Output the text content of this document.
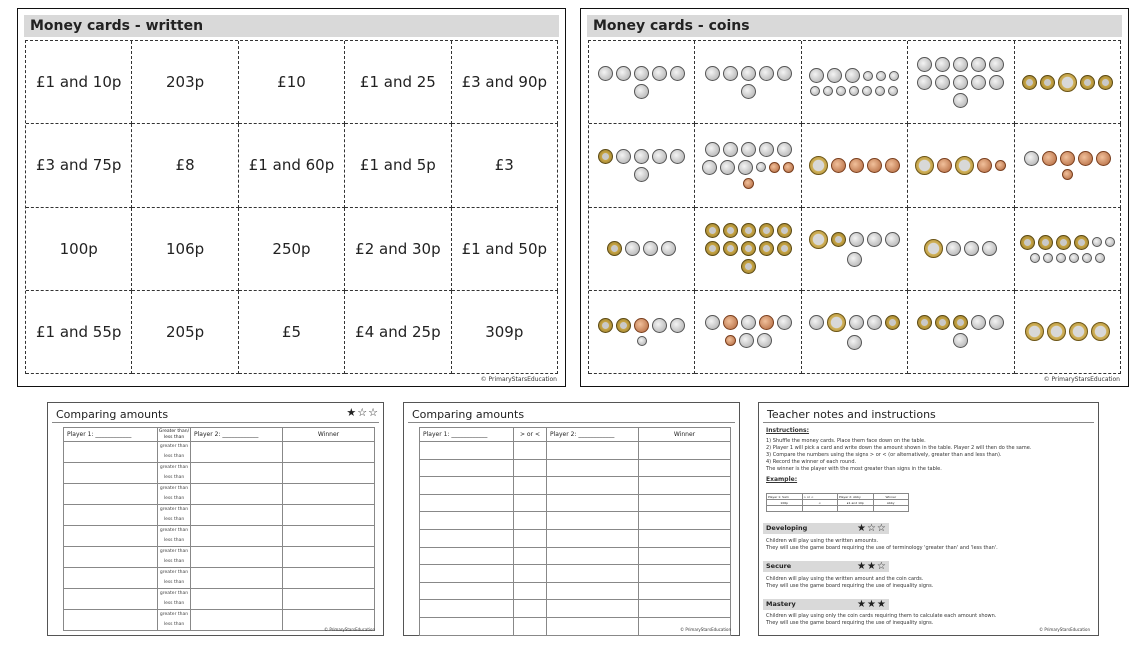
Money cards - written
£1 and 10p	203p	£10	£1 and 25	£3 and 90p
£3 and 75p	£8	£1 and 60p	£1 and 5p	£3
100p	106p	250p	£2 and 30p	£1 and 50p
£1 and 55p	205p	£5	£4 and 25p	309p
© PrimaryStarsEducation
Money cards - coins
© PrimaryStarsEducation
Comparing amounts	★☆☆
Player 1: ____________	Greater than/ less than	Player 2: ____________	Winner

	greater than
less than		

	greater than
less than		

	greater than
less than		

	greater than
less than		

	greater than
less than		

	greater than
less than		

	greater than
less than		

	greater than
less than		

	greater than
less than		

© PrimaryStarsEducation
Comparing amounts
Player 1: ____________	> or <	Player 2: ____________	Winner

© PrimaryStarsEducation
Teacher notes and instructions
Instructions:
1) Shuffle the money cards. Place them face down on the table.
2) Player 1 will pick a card and write down the amount shown in the table. Player 2 will then do the same.
3) Compare the numbers using the signs > or < (or alternatively, greater than and less than).
4) Record the winner of each round.
The winner is the player with the most greater than signs in the table.
Example:
Player 1: Sam	> or <	Player 2: Abby	Winner
106p	<	£1 and 10p	Abby

Developing	★☆☆
Children will play using the written amounts.
They will use the game board requiring the use of terminology 'greater than' and 'less than'.
Secure	★★☆
Children will play using the written amount and the coin cards.
They will use the game board requiring the use of inequality signs.
Mastery	★★★
Children will play using only the coin cards requiring them to calculate each amount shown.
They will use the game board requiring the use of inequality signs.
© PrimaryStarsEducation
